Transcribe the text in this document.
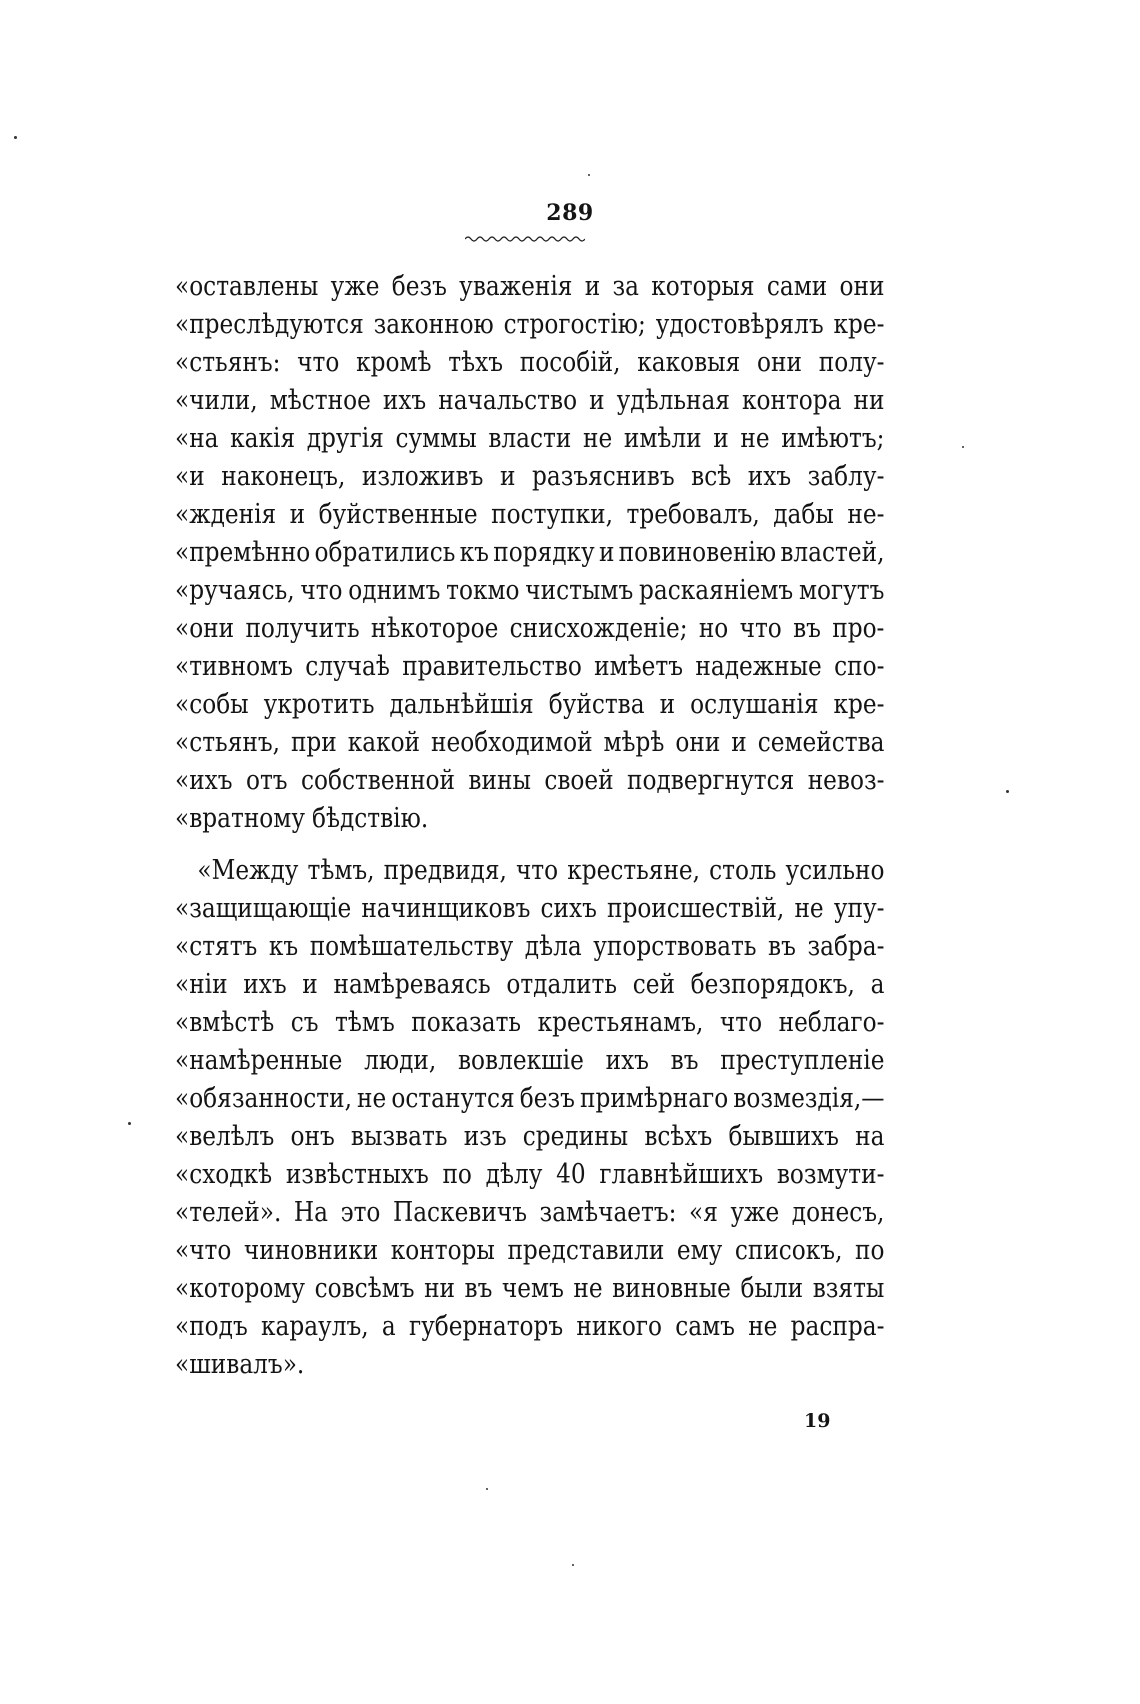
289
«оставлены уже безъ уваженія и за которыя сами они
«преслѣдуются законною строгостію; удостовѣрялъ кре-
«стьянъ: что кромѣ тѣхъ пособій, каковыя они полу-
«чили, мѣстное ихъ начальство и удѣльная контора ни
«на какія другія суммы власти не имѣли и не имѣютъ;
«и наконецъ, изложивъ и разъяснивъ всѣ ихъ заблу-
«жденія и буйственные поступки, требовалъ, дабы не-
«премѣнно обратились къ порядку и повиновенію властей,
«ручаясь, что однимъ токмо чистымъ раскаяніемъ могутъ
«они получить нѣкоторое снисхожденіе; но что въ про-
«тивномъ случаѣ правительство имѣетъ надежные спо-
«собы укротить дальнѣйшія буйства и ослушанія кре-
«стьянъ, при какой необходимой мѣрѣ они и семейства
«ихъ отъ собственной вины своей подвергнутся невоз-
«вратному бѣдствію.
«Между тѣмъ, предвидя, что крестьяне, столь усильно
«защищающіе начинщиковъ сихъ происшествій, не упу-
«стятъ къ помѣшательству дѣла упорствовать въ забра-
«ніи ихъ и намѣреваясь отдалить сей безпорядокъ, а
«вмѣстѣ съ тѣмъ показать крестьянамъ, что неблаго-
«намѣренные люди, вовлекшіе ихъ въ преступленіе
«обязанности, не останутся безъ примѣрнаго возмездія,—
«велѣлъ онъ вызвать изъ средины всѣхъ бывшихъ на
«сходкѣ извѣстныхъ по дѣлу 40 главнѣйшихъ возмути-
«телей». На это Паскевичъ замѣчаетъ: «я уже донесъ,
«что чиновники конторы представили ему списокъ, по
«которому совсѣмъ ни въ чемъ не виновные были взяты
«подъ караулъ, а губернаторъ никого самъ не распра-
«шивалъ».
19
